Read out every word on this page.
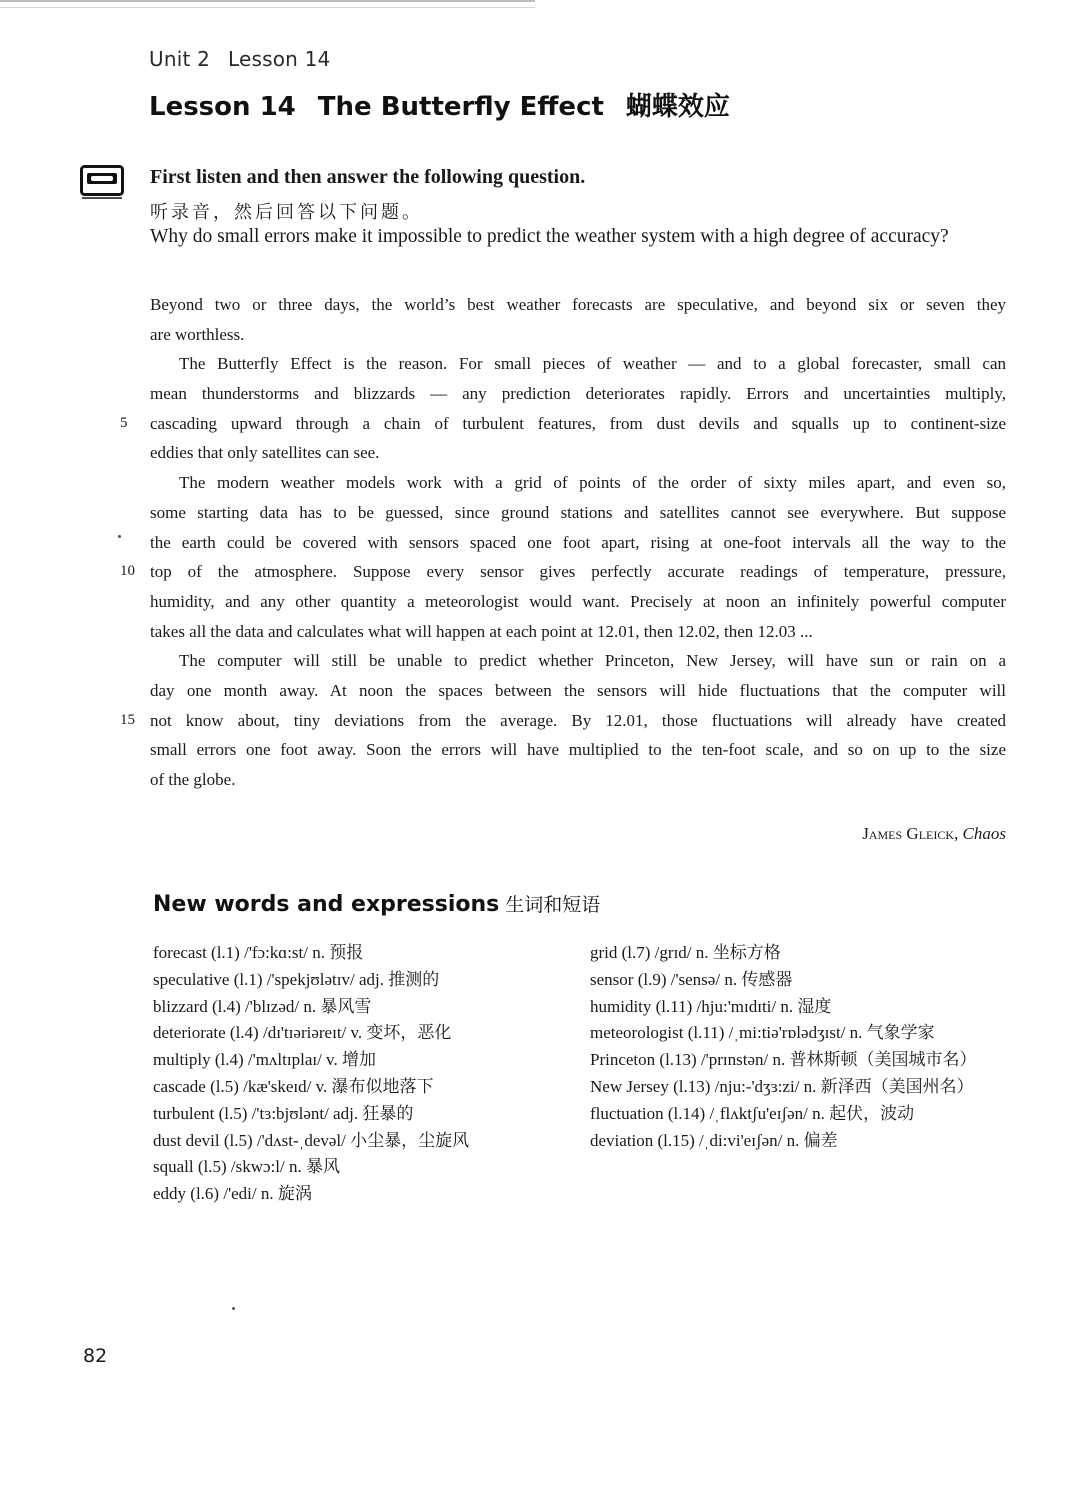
Unit 2 Lesson 14
Lesson 14 The Butterfly Effect 蝴蝶效应
First listen and then answer the following question.
听录音，然后回答以下问题。
Why do small errors make it impossible to predict the weather system with a high degree of accuracy?
Beyond two or three days, the world’s best weather forecasts are speculative, and beyond six or seven they
are worthless.
The Butterfly Effect is the reason. For small pieces of weather — and to a global forecaster, small can
mean thunderstorms and blizzards — any prediction deteriorates rapidly. Errors and uncertainties multiply,
5	cascading upward through a chain of turbulent features, from dust devils and squalls up to continent-size
eddies that only satellites can see.
The modern weather models work with a grid of points of the order of sixty miles apart, and even so,
some starting data has to be guessed, since ground stations and satellites cannot see everywhere. But suppose
the earth could be covered with sensors spaced one foot apart, rising at one-foot intervals all the way to the
10 top of the atmosphere. Suppose every sensor gives perfectly accurate readings of temperature, pressure,
humidity, and any other quantity a meteorologist would want. Precisely at noon an infinitely powerful computer
takes all the data and calculates what will happen at each point at 12.01, then 12.02, then 12.03 ...
The computer will still be unable to predict whether Princeton, New Jersey, will have sun or rain on a
day one month away. At noon the spaces between the sensors will hide fluctuations that the computer will
15 not know about, tiny deviations from the average. By 12.01, those fluctuations will already have created
small errors one foot away. Soon the errors will have multiplied to the ten-foot scale, and so on up to the size
of the globe.
James Gleick, Chaos
New words and expressions 生词和短语
forecast (l.1) /'fɔ:kɑ:st/ n. 预报
speculative (l.1) /'spekjʊlətɪv/ adj. 推测的
blizzard (l.4) /'blɪzəd/ n. 暴风雪
deteriorate (l.4) /dɪ'tɪəriəreɪt/ v. 变坏，恶化
multiply (l.4) /'mʌltɪplaɪ/ v. 增加
cascade (l.5) /kæ'skeɪd/ v. 瀑布似地落下
turbulent (l.5) /'tɜ:bjʊlənt/ adj. 狂暴的
dust devil (l.5) /'dʌst-ˌdevəl/ 小尘暴，尘旋风
squall (l.5) /skwɔ:l/ n. 暴风
eddy (l.6) /'edi/ n. 旋涡
grid (l.7) /grɪd/ n. 坐标方格
sensor (l.9) /'sensə/ n. 传感器
humidity (l.11) /hju:'mɪdɪti/ n. 湿度
meteorologist (l.11) /ˌmi:tiə'rɒlədʒɪst/ n. 气象学家
Princeton (l.13) /'prɪnstən/ n. 普林斯顿（美国城市名）
New Jersey (l.13) /nju:-'dʒɜ:zi/ n. 新泽西（美国州名）
fluctuation (l.14) /ˌflʌktʃu'eɪʃən/ n. 起伏，波动
deviation (l.15) /ˌdi:vi'eɪʃən/ n. 偏差
82
